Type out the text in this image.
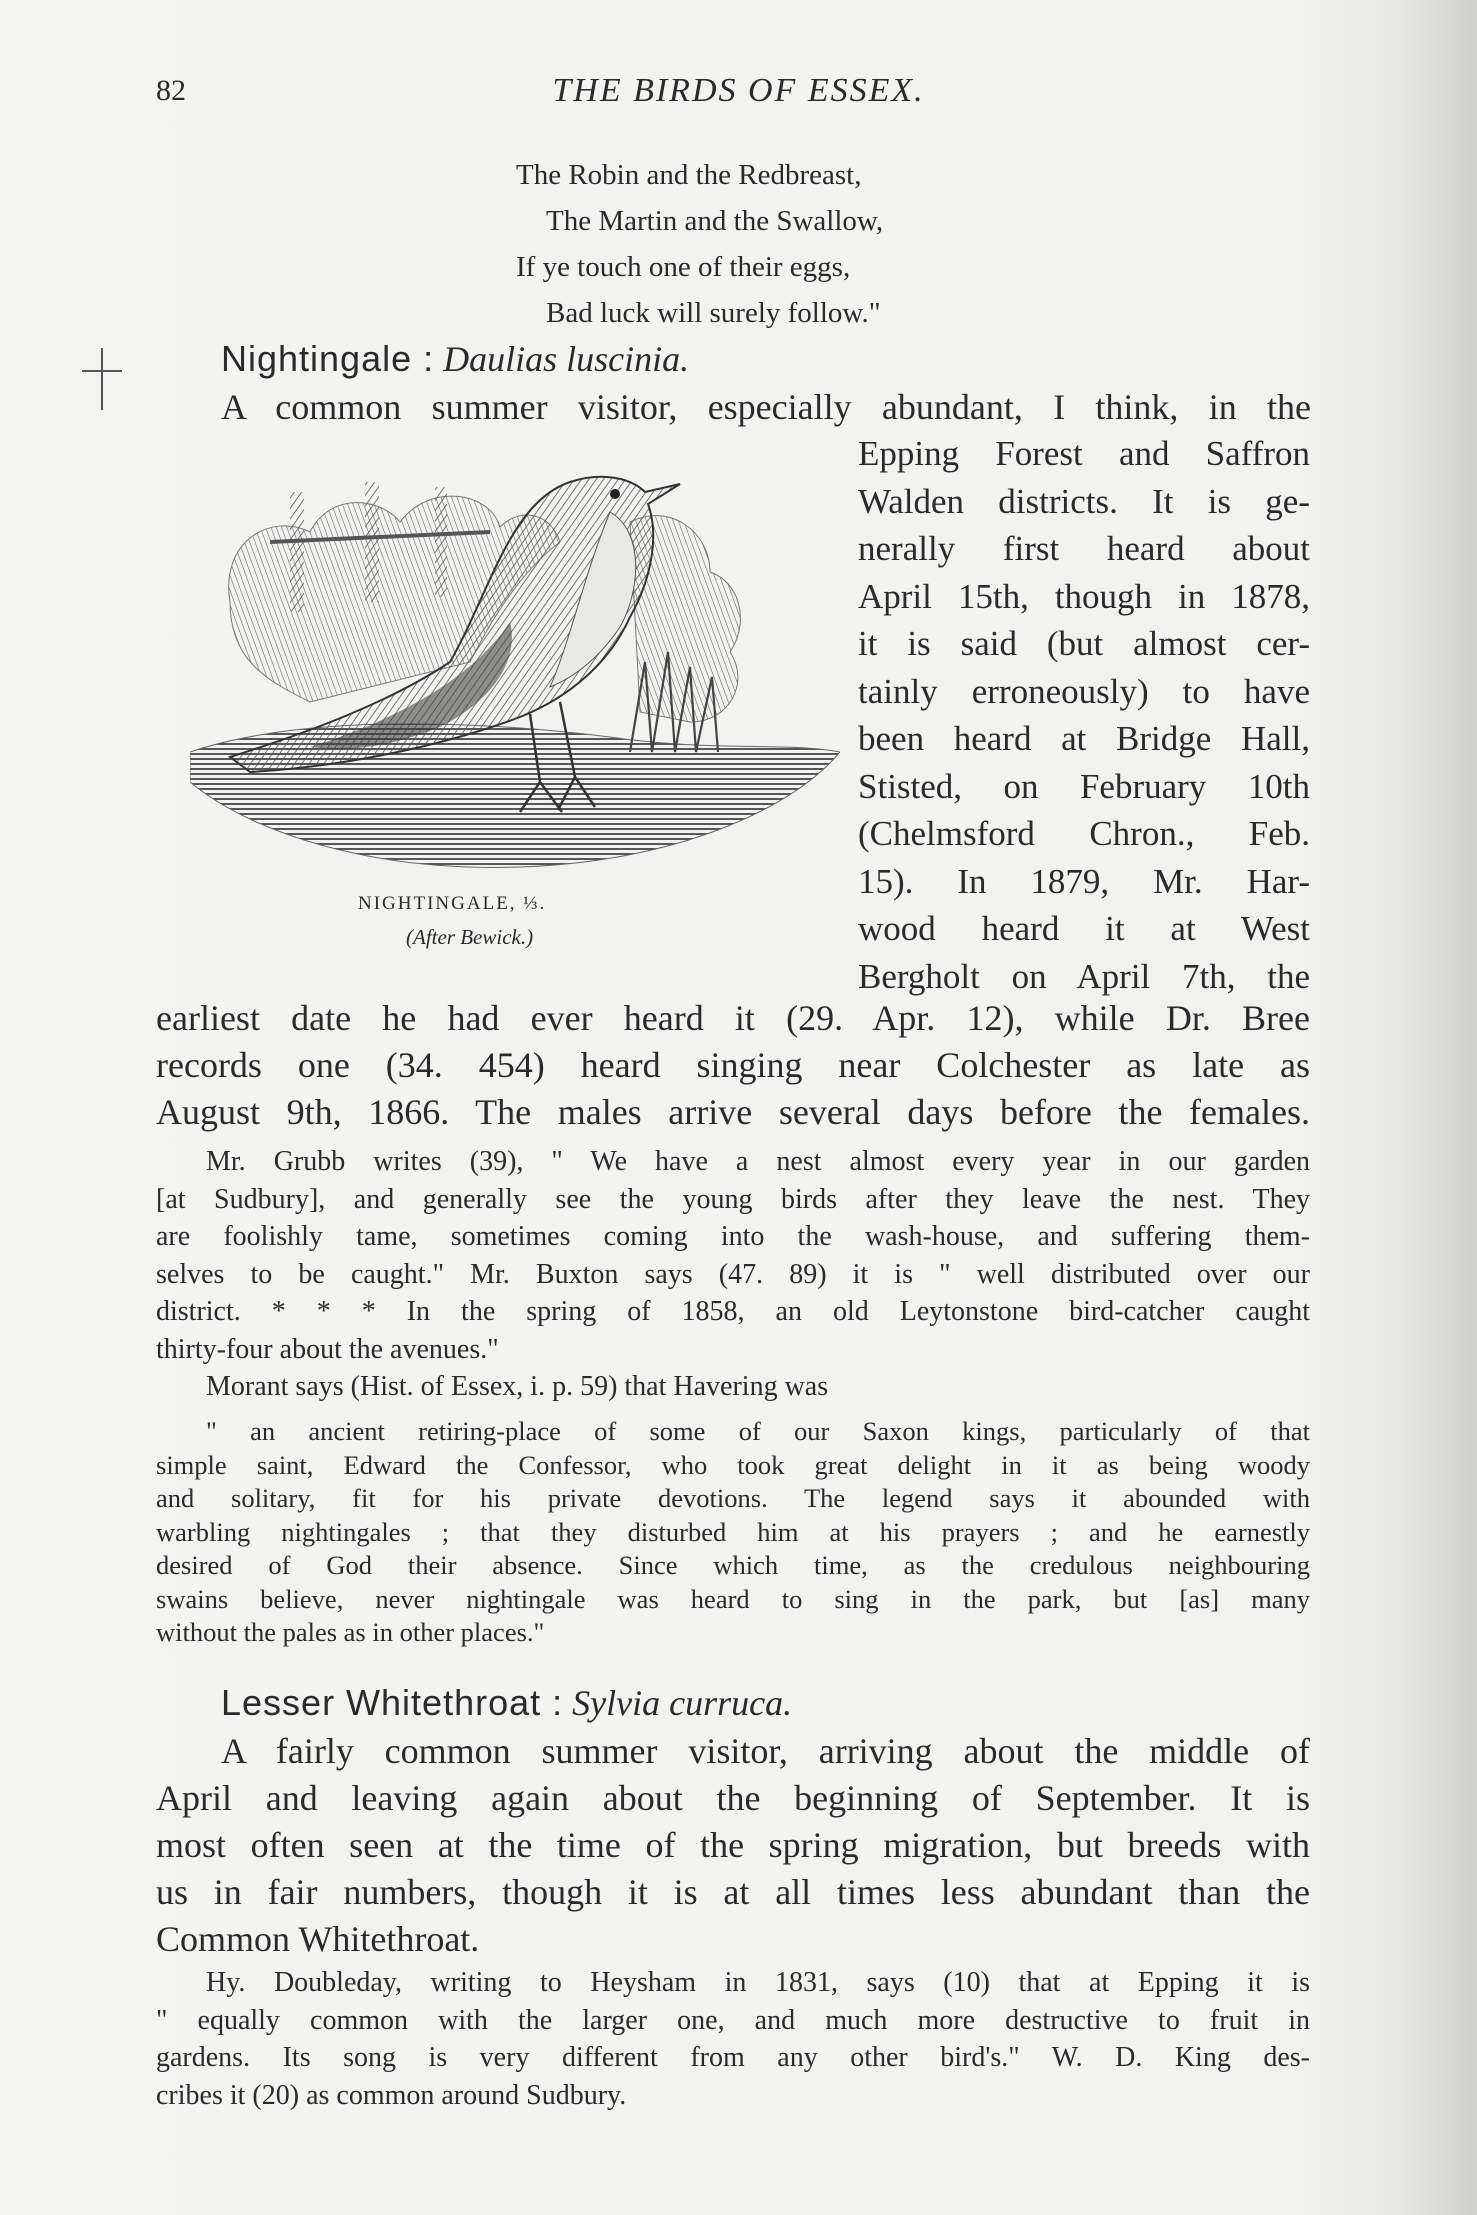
82	THE BIRDS OF ESSEX.
The Robin and the Redbreast,
The Martin and the Swallow,
If ye touch one of their eggs,
Bad luck will surely follow."
Nightingale : Daulias luscinia.
A common summer visitor, especially abundant, I think, in the
Epping Forest and Saffron
Walden districts. It is ge-
nerally first heard about
April 15th, though in 1878,
it is said (but almost cer-
tainly erroneously) to have
been heard at Bridge Hall,
Stisted, on February 10th
(Chelmsford Chron., Feb.
15). In 1879, Mr. Har-
wood heard it at West
Bergholt on April 7th, the
NIGHTINGALE, ⅓.
(After Bewick.)
earliest date he had ever heard it (29. Apr. 12), while Dr. Bree
records one (34. 454) heard singing near Colchester as late as
August 9th, 1866. The males arrive several days before the females.
Mr. Grubb writes (39), " We have a nest almost every year in our garden
[at Sudbury], and generally see the young birds after they leave the nest. They
are foolishly tame, sometimes coming into the wash-house, and suffering them-
selves to be caught." Mr. Buxton says (47. 89) it is " well distributed over our
district. * * * In the spring of 1858, an old Leytonstone bird-catcher caught
thirty-four about the avenues."
Morant says (Hist. of Essex, i. p. 59) that Havering was
" an ancient retiring-place of some of our Saxon kings, particularly of that
simple saint, Edward the Confessor, who took great delight in it as being woody
and solitary, fit for his private devotions. The legend says it abounded with
warbling nightingales ; that they disturbed him at his prayers ; and he earnestly
desired of God their absence. Since which time, as the credulous neighbouring
swains believe, never nightingale was heard to sing in the park, but [as] many
without the pales as in other places."
Lesser Whitethroat : Sylvia curruca.
A fairly common summer visitor, arriving about the middle of
April and leaving again about the beginning of September. It is
most often seen at the time of the spring migration, but breeds with
us in fair numbers, though it is at all times less abundant than the
Common Whitethroat.
Hy. Doubleday, writing to Heysham in 1831, says (10) that at Epping it is
" equally common with the larger one, and much more destructive to fruit in
gardens. Its song is very different from any other bird's." W. D. King des-
cribes it (20) as common around Sudbury.
